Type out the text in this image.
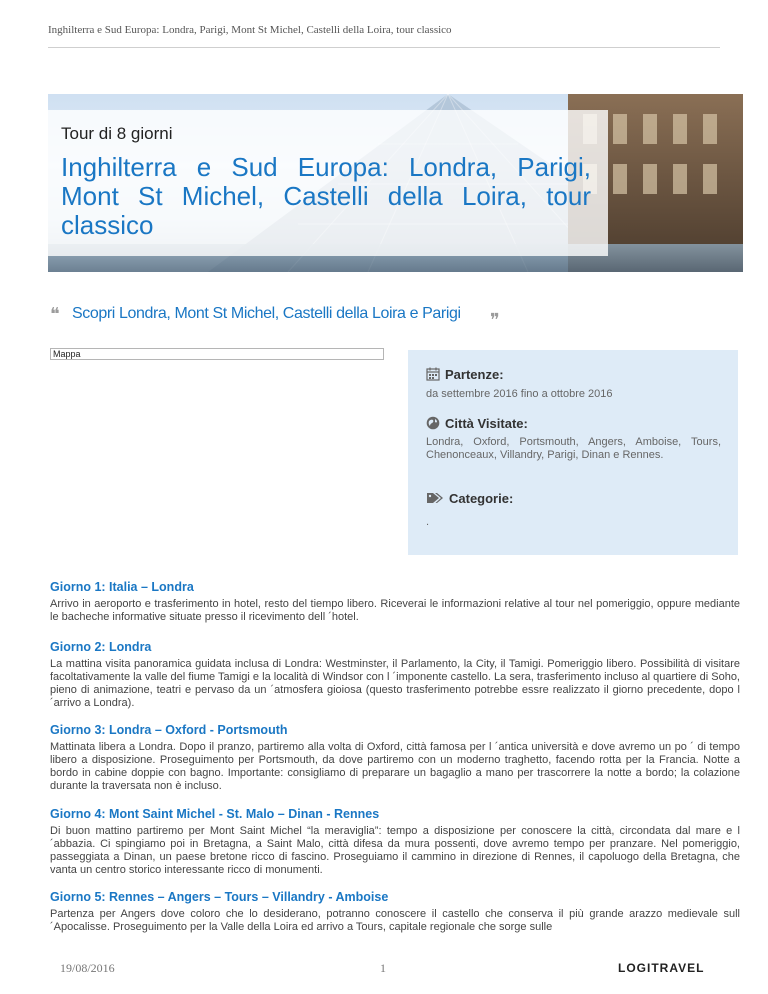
Inghilterra e Sud Europa: Londra, Parigi, Mont St Michel, Castelli della Loira, tour classico
Tour di 8 giorni
Inghilterra e Sud Europa: Londra, Parigi, Mont St Michel, Castelli della Loira, tour classico
❝ Scopri Londra, Mont St Michel, Castelli della Loira e Parigi ❞
Mappa
Partenze:
da settembre 2016 fino a ottobre 2016
Città Visitate:
Londra, Oxford, Portsmouth, Angers, Amboise, Tours, Chenonceaux, Villandry, Parigi, Dinan e Rennes.
Categorie:
.

Giorno 1: Italia – Londra

Arrivo in aeroporto e trasferimento in hotel, resto del tiempo libero. Riceverai le informazioni relative al tour nel pomeriggio, oppure mediante le bacheche informative situate presso il ricevimento dell ´hotel.

Giorno 2: Londra

La mattina visita panoramica guidata inclusa di Londra: Westminster, il Parlamento, la City, il Tamigi. Pomeriggio libero. Possibilità di visitare facoltativamente la valle del fiume Tamigi e la località di Windsor con l ´imponente castello. La sera, trasferimento incluso al quartiere di Soho, pieno di animazione, teatri e pervaso da un ´atmosfera gioiosa (questo trasferimento potrebbe essre realizzato il giorno precedente, dopo l ´arrivo a Londra).

Giorno 3: Londra – Oxford - Portsmouth

Mattinata libera a Londra. Dopo il pranzo, partiremo alla volta di Oxford, città famosa per l ´antica università e dove avremo un po ´ di tempo libero a disposizione. Proseguimento per Portsmouth, da dove partiremo con un moderno traghetto, facendo rotta per la Francia. Notte a bordo in cabine doppie con bagno. Importante: consigliamo di preparare un bagaglio a mano per trascorrere la notte a bordo; la colazione durante la traversata non è incluso.

Giorno 4: Mont Saint Michel - St. Malo – Dinan - Rennes

Di buon mattino partiremo per Mont Saint Michel “la meraviglia”: tempo a disposizione per conoscere la città, circondata dal mare e l ´abbazia. Ci spingiamo poi in Bretagna, a Saint Malo, città difesa da mura possenti, dove avremo tempo per pranzare. Nel pomeriggio, passeggiata a Dinan, un paese bretone ricco di fascino. Proseguiamo il cammino in direzione di Rennes, il capoluogo della Bretagna, che vanta un centro storico interessante ricco di monumenti.

Giorno 5: Rennes – Angers – Tours – Villandry - Amboise

Partenza per Angers dove coloro che lo desiderano, potranno conoscere il castello che conserva il più grande arazzo medievale sull ´Apocalisse. Proseguimento per la Valle della Loira ed arrivo a Tours, capitale regionale che sorge sulle

19/08/2016	1	LOGITRAVEL
